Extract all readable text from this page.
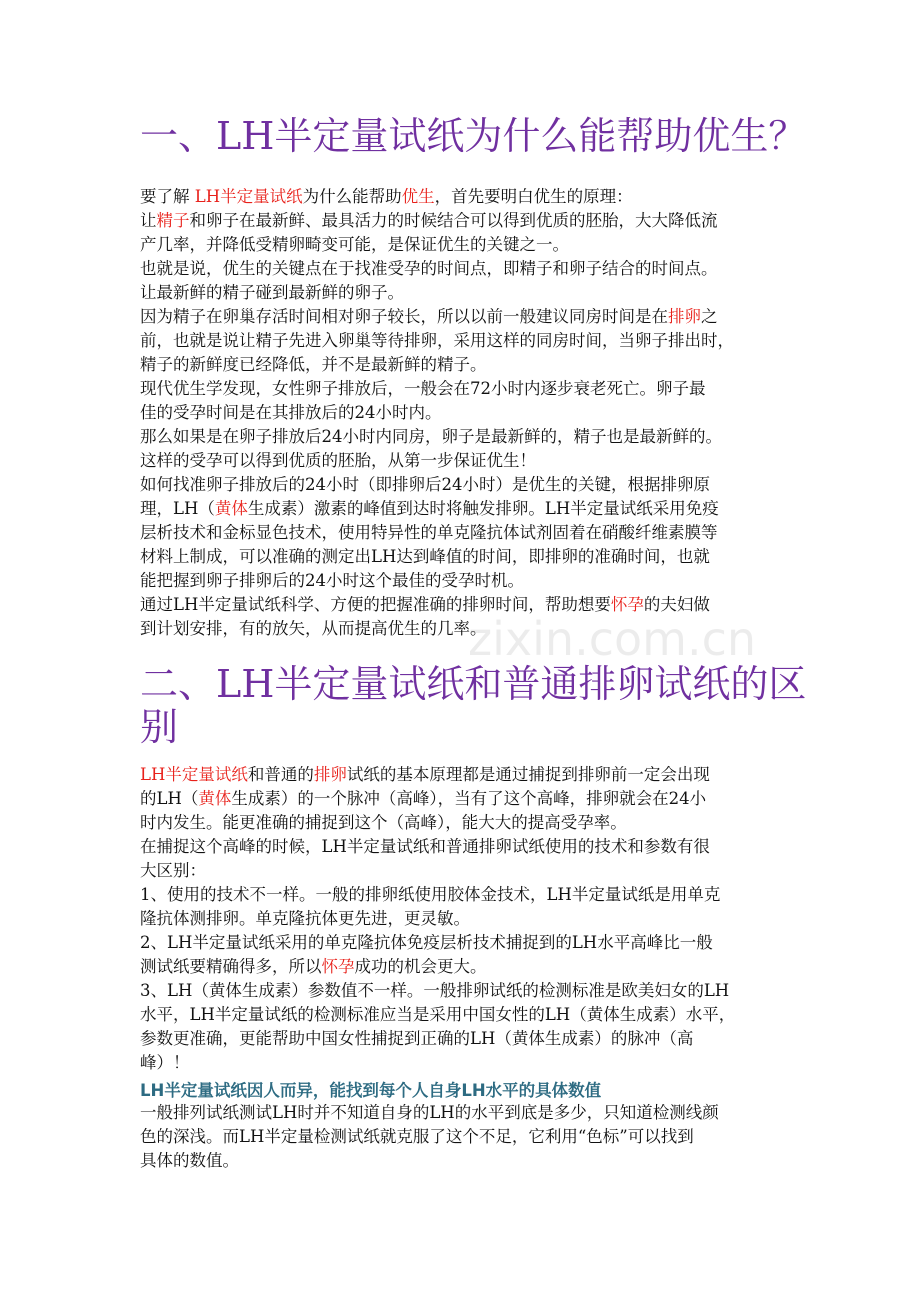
一、LH半定量试纸为什么能帮助优生？
要了解 LH半定量试纸为什么能帮助优生，首先要明白优生的原理：
让精子和卵子在最新鲜、最具活力的时候结合可以得到优质的胚胎，大大降低流
产几率，并降低受精卵畸变可能，是保证优生的关键之一。
也就是说，优生的关键点在于找准受孕的时间点，即精子和卵子结合的时间点。
让最新鲜的精子碰到最新鲜的卵子。
因为精子在卵巢存活时间相对卵子较长，所以以前一般建议同房时间是在排卵之
前，也就是说让精子先进入卵巢等待排卵，采用这样的同房时间，当卵子排出时，
精子的新鲜度已经降低，并不是最新鲜的精子。
现代优生学发现，女性卵子排放后，一般会在72小时内逐步衰老死亡。卵子最
佳的受孕时间是在其排放后的24小时内。
那么如果是在卵子排放后24小时内同房，卵子是最新鲜的，精子也是最新鲜的。
这样的受孕可以得到优质的胚胎，从第一步保证优生！
如何找准卵子排放后的24小时（即排卵后24小时）是优生的关键，根据排卵原
理，LH（黄体生成素）激素的峰值到达时将触发排卵。LH半定量试纸采用免疫
层析技术和金标显色技术，使用特异性的单克隆抗体试剂固着在硝酸纤维素膜等
材料上制成，可以准确的测定出LH达到峰值的时间，即排卵的准确时间，也就
能把握到卵子排卵后的24小时这个最佳的受孕时机。
通过LH半定量试纸科学、方便的把握准确的排卵时间，帮助想要怀孕的夫妇做
到计划安排，有的放矢，从而提高优生的几率。
zixin.com.cn
二、LH半定量试纸和普通排卵试纸的区
别
LH半定量试纸和普通的排卵试纸的基本原理都是通过捕捉到排卵前一定会出现
的LH（黄体生成素）的一个脉冲（高峰），当有了这个高峰，排卵就会在24小
时内发生。能更准确的捕捉到这个（高峰），能大大的提高受孕率。
在捕捉这个高峰的时候，LH半定量试纸和普通排卵试纸使用的技术和参数有很
大区别：
1、使用的技术不一样。一般的排卵纸使用胶体金技术，LH半定量试纸是用单克
隆抗体测排卵。单克隆抗体更先进，更灵敏。
2、LH半定量试纸采用的单克隆抗体免疫层析技术捕捉到的LH水平高峰比一般
测试纸要精确得多，所以怀孕成功的机会更大。
3、LH（黄体生成素）参数值不一样。一般排卵试纸的检测标准是欧美妇女的LH
水平，LH半定量试纸的检测标准应当是采用中国女性的LH（黄体生成素）水平，
参数更准确，更能帮助中国女性捕捉到正确的LH（黄体生成素）的脉冲（高
峰）！
LH半定量试纸因人而异，能找到每个人自身LH水平的具体数值
一般排列试纸测试LH时并不知道自身的LH的水平到底是多少，只知道检测线颜
色的深浅。而LH半定量检测试纸就克服了这个不足，它利用“色标”可以找到
具体的数值。
